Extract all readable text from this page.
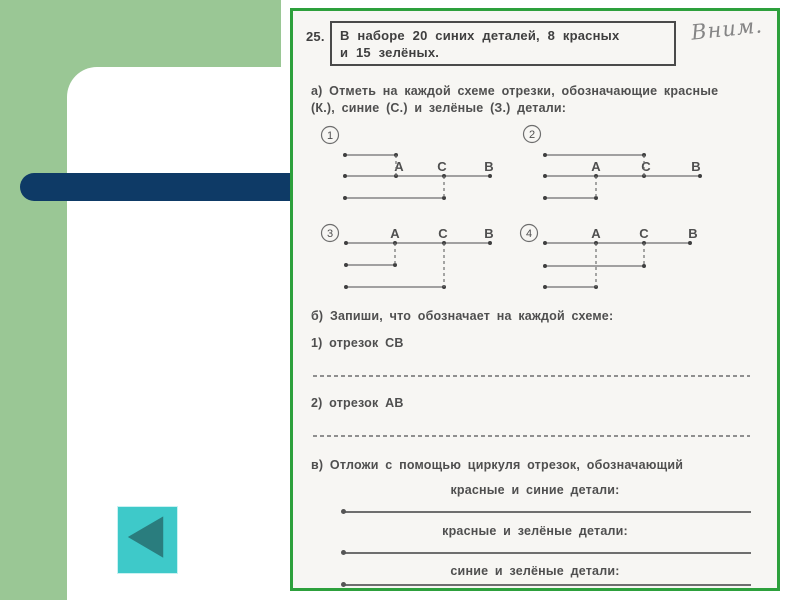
25. В наборе 20 синих деталей, 8 красных
и 15 зелёных.
Вним.
а) Отметь на каждой схеме отрезки, обозначающие красные
(К.), синие (С.) и зелёные (З.) детали:
1
А	С	В
2
А	С	В
3	А	С	В	4	А	С	В
б) Запиши, что обозначает на каждой схеме:
1) отрезок СВ
2) отрезок АВ
в) Отложи с помощью циркуля отрезок, обозначающий
красные и синие детали:
красные и зелёные детали:
синие и зелёные детали:
